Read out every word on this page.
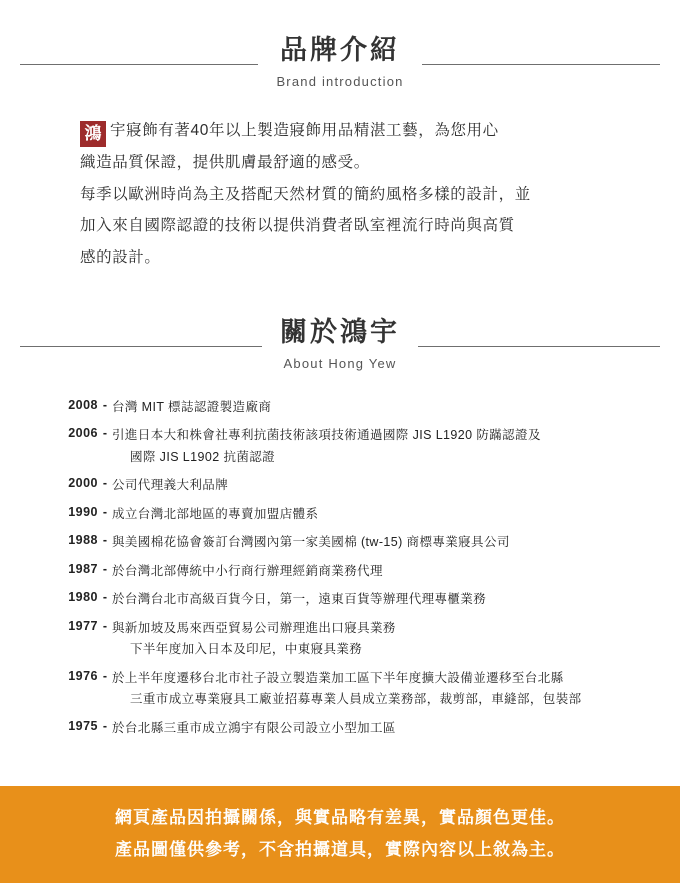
品牌介紹
Brand introduction

鴻 宇寢飾有著40年以上製造寢飾用品精湛工藝，為您用心

織造品質保證，提供肌膚最舒適的感受。

每季以歐洲時尚為主及搭配天然材質的簡約風格多樣的設計，並

加入來自國際認證的技術以提供消費者臥室裡流行時尚與高質

感的設計。

關於鴻宇
About Hong Yew
2008 - 台灣 MIT 標誌認證製造廠商
2006 - 引進日本大和株會社專利抗菌技術該項技術通過國際 JIS L1920 防蹣認證及
國際 JIS L1902 抗菌認證
2000 - 公司代理義大利品牌
1990 - 成立台灣北部地區的專賣加盟店體系
1988 - 與美國棉花協會簽訂台灣國內第一家美國棉 (tw-15) 商標專業寢具公司
1987 - 於台灣北部傳統中小行商行辦理經銷商業務代理
1980 - 於台灣台北市高級百貨今日，第一，遠東百貨等辦理代理專櫃業務
1977 - 與新加坡及馬來西亞貿易公司辦理進出口寢具業務
下半年度加入日本及印尼，中東寢具業務
1976 - 於上半年度遷移台北市社子設立製造業加工區下半年度擴大設備並遷移至台北縣
三重市成立專業寢具工廠並招募專業人員成立業務部，裁剪部，車縫部，包裝部
1975 - 於台北縣三重市成立鴻宇有限公司設立小型加工區
網頁產品因拍攝關係，與實品略有差異，實品顏色更佳。
產品圖僅供參考，不含拍攝道具，實際內容以上敘為主。
